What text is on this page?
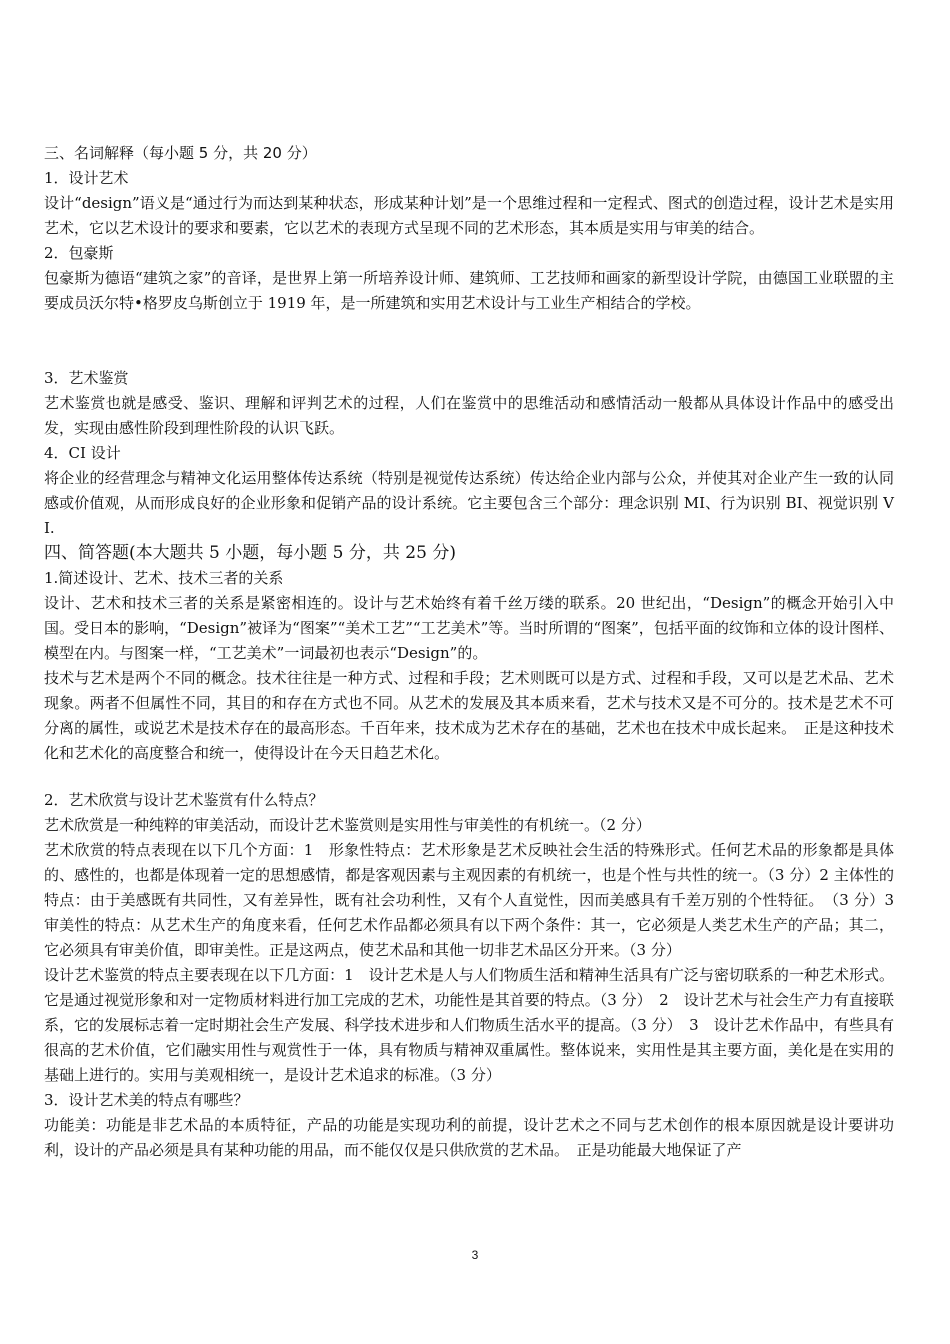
三、名词解释（每小题 5 分，共 20 分）

1．设计艺术

设计“design”语义是“通过行为而达到某种状态，形成某种计划”是一个思维过程和一定程式、图式的创造过程，设计艺术是实用艺术，它以艺术设计的要求和要素，它以艺术的表现方式呈现不同的艺术形态，其本质是实用与审美的结合。

2．包豪斯

包豪斯为德语“建筑之家”的音译，是世界上第一所培养设计师、建筑师、工艺技师和画家的新型设计学院，由德国工业联盟的主要成员沃尔特•格罗皮乌斯创立于 1919 年，是一所建筑和实用艺术设计与工业生产相结合的学校。

3．艺术鉴赏

艺术鉴赏也就是感受、鉴识、理解和评判艺术的过程，人们在鉴赏中的思维活动和感情活动一般都从具体设计作品中的感受出发，实现由感性阶段到理性阶段的认识飞跃。

4．CI 设计

将企业的经营理念与精神文化运用整体传达系统（特别是视觉传达系统）传达给企业内部与公众，并使其对企业产生一致的认同感或价值观，从而形成良好的企业形象和促销产品的设计系统。它主要包含三个部分：理念识别 MI、行为识别 BI、视觉识别 VI.

四、简答题(本大题共 5 小题，每小题 5 分，共 25 分)

1.简述设计、艺术、技术三者的关系

设计、艺术和技术三者的关系是紧密相连的。设计与艺术始终有着千丝万缕的联系。20 世纪出，“Design”的概念开始引入中国。受日本的影响，“Design”被译为“图案”“美术工艺”“工艺美术”等。当时所谓的“图案”，包括平面的纹饰和立体的设计图样、模型在内。与图案一样，“工艺美术”一词最初也表示“Design”的。

技术与艺术是两个不同的概念。技术往往是一种方式、过程和手段；艺术则既可以是方式、过程和手段，又可以是艺术品、艺术现象。两者不但属性不同，其目的和存在方式也不同。从艺术的发展及其本质来看，艺术与技术又是不可分的。技术是艺术不可分离的属性，或说艺术是技术存在的最高形态。千百年来，技术成为艺术存在的基础，艺术也在技术中成长起来。　正是这种技术化和艺术化的高度整合和统一，使得设计在今天日趋艺术化。

2．艺术欣赏与设计艺术鉴赏有什么特点？

艺术欣赏是一种纯粹的审美活动，而设计艺术鉴赏则是实用性与审美性的有机统一。（2 分）

艺术欣赏的特点表现在以下几个方面：1　形象性特点：艺术形象是艺术反映社会生活的特殊形式。任何艺术品的形象都是具体的、感性的，也都是体现着一定的思想感情，都是客观因素与主观因素的有机统一，也是个性与共性的统一。（3 分）2 主体性的特点：由于美感既有共同性，又有差异性，既有社会功利性，又有个人直觉性，因而美感具有千差万别的个性特征。　（3 分）3　审美性的特点：从艺术生产的角度来看，任何艺术作品都必须具有以下两个条件：其一，它必须是人类艺术生产的产品；其二，它必须具有审美价值，即审美性。正是这两点，使艺术品和其他一切非艺术品区分开来。（3 分）

设计艺术鉴赏的特点主要表现在以下几方面：1　设计艺术是人与人们物质生活和精神生活具有广泛与密切联系的一种艺术形式。它是通过视觉形象和对一定物质材料进行加工完成的艺术，功能性是其首要的特点。（3 分）　2　设计艺术与社会生产力有直接联系，它的发展标志着一定时期社会生产发展、科学技术进步和人们物质生活水平的提高。（3 分）　3　设计艺术作品中，有些具有很高的艺术价值，它们融实用性与观赏性于一体，具有物质与精神双重属性。整体说来，实用性是其主要方面，美化是在实用的基础上进行的。实用与美观相统一，是设计艺术追求的标准。（3 分）

3．设计艺术美的特点有哪些？

功能美：功能是非艺术品的本质特征，产品的功能是实现功利的前提，设计艺术之不同与艺术创作的根本原因就是设计要讲功利，设计的产品必须是具有某种功能的用品，而不能仅仅是只供欣赏的艺术品。　正是功能最大地保证了产

3
